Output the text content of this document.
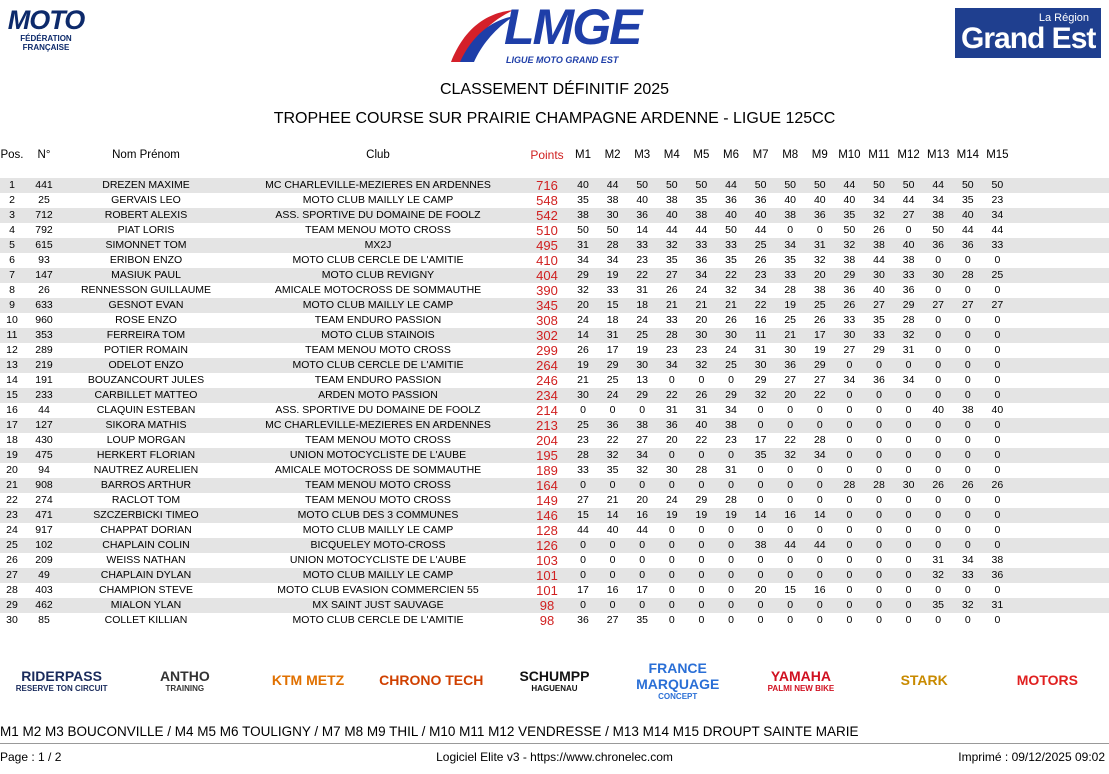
MOTO
FÉDÉRATION FRANÇAISE	LMGE
LIGUE MOTO GRAND EST
La Région
Grand Est
CLASSEMENT DÉFINITIF 2025
TROPHEE COURSE SUR PRAIRIE CHAMPAGNE ARDENNE - LIGUE 125CC
Pos.	N°	Nom Prénom	Club	Points M1	M2	M3	M4	M5	M6	M7	M8	M9 M10 M11 M12 M13 M14 M15
1	441	DREZEN MAXIME	MC CHARLEVILLE-MEZIERES EN ARDENNES	716	40	44	50	50	50	44	50	50	50	44	50	50	44	50	50
2	25	GERVAIS LEO	MOTO CLUB MAILLY LE CAMP	548	35	38	40	38	35	36	36	40	40	40	34	44	34	35	23
3	712	ROBERT ALEXIS	ASS. SPORTIVE DU DOMAINE DE FOOLZ	542	38	30	36	40	38	40	40	38	36	35	32	27	38	40	34
4	792	PIAT LORIS	TEAM MENOU MOTO CROSS	510	50	50	14	44	44	50	44	0	0	50	26	0	50	44	44
5	615	SIMONNET TOM	MX2J	495	31	28	33	32	33	33	25	34	31	32	38	40	36	36	33
6	93	ERIBON ENZO	MOTO CLUB CERCLE DE L'AMITIE	410	34	34	23	35	36	35	26	35	32	38	44	38	0	0	0
7	147	MASIUK PAUL	MOTO CLUB REVIGNY	404	29	19	22	27	34	22	23	33	20	29	30	33	30	28	25
8	26	RENNESSON GUILLAUME	AMICALE MOTOCROSS DE SOMMAUTHE	390	32	33	31	26	24	32	34	28	38	36	40	36	0	0	0
9	633	GESNOT EVAN	MOTO CLUB MAILLY LE CAMP	345	20	15	18	21	21	21	22	19	25	26	27	29	27	27	27
10	960	ROSE ENZO	TEAM ENDURO PASSION	308	24	18	24	33	20	26	16	25	26	33	35	28	0	0	0
11	353	FERREIRA TOM	MOTO CLUB STAINOIS	302	14	31	25	28	30	30	11	21	17	30	33	32	0	0	0
12	289	POTIER ROMAIN	TEAM MENOU MOTO CROSS	299	26	17	19	23	23	24	31	30	19	27	29	31	0	0	0
13	219	ODELOT ENZO	MOTO CLUB CERCLE DE L'AMITIE	264	19	29	30	34	32	25	30	36	29	0	0	0	0	0	0
14	191	BOUZANCOURT JULES	TEAM ENDURO PASSION	246	21	25	13	0	0	0	29	27	27	34	36	34	0	0	0
15	233	CARBILLET MATTEO	ARDEN MOTO PASSION	234	30	24	29	22	26	29	32	20	22	0	0	0	0	0	0
16	44	CLAQUIN ESTEBAN	ASS. SPORTIVE DU DOMAINE DE FOOLZ	214	0	0	0	31	31	34	0	0	0	0	0	0	40	38	40
17	127	SIKORA MATHIS	MC CHARLEVILLE-MEZIERES EN ARDENNES	213	25	36	38	36	40	38	0	0	0	0	0	0	0	0	0
18	430	LOUP MORGAN	TEAM MENOU MOTO CROSS	204	23	22	27	20	22	23	17	22	28	0	0	0	0	0	0
19	475	HERKERT FLORIAN	UNION MOTOCYCLISTE DE L'AUBE	195	28	32	34	0	0	0	35	32	34	0	0	0	0	0	0
20	94	NAUTREZ AURELIEN	AMICALE MOTOCROSS DE SOMMAUTHE	189	33	35	32	30	28	31	0	0	0	0	0	0	0	0	0
21	908	BARROS ARTHUR	TEAM MENOU MOTO CROSS	164	0	0	0	0	0	0	0	0	0	28	28	30	26	26	26
22	274	RACLOT TOM	TEAM MENOU MOTO CROSS	149	27	21	20	24	29	28	0	0	0	0	0	0	0	0	0
23	471	SZCZERBICKI TIMEO	MOTO CLUB DES 3 COMMUNES	146	15	14	16	19	19	19	14	16	14	0	0	0	0	0	0
24	917	CHAPPAT DORIAN	MOTO CLUB MAILLY LE CAMP	128	44	40	44	0	0	0	0	0	0	0	0	0	0	0	0
25	102	CHAPLAIN COLIN	BICQUELEY MOTO-CROSS	126	0	0	0	0	0	0	38	44	44	0	0	0	0	0	0
26	209	WEISS NATHAN	UNION MOTOCYCLISTE DE L'AUBE	103	0	0	0	0	0	0	0	0	0	0	0	0	31	34	38
27	49	CHAPLAIN DYLAN	MOTO CLUB MAILLY LE CAMP	101	0	0	0	0	0	0	0	0	0	0	0	0	32	33	36
28	403	CHAMPION STEVE	MOTO CLUB EVASION COMMERCIEN 55	101	17	16	17	0	0	0	20	15	16	0	0	0	0	0	0
29	462	MIALON YLAN	MX SAINT JUST SAUVAGE	98	0	0	0	0	0	0	0	0	0	0	0	0	35	32	31
30	85	COLLET KILLIAN	MOTO CLUB CERCLE DE L'AMITIE	98	36	27	35	0	0	0	0	0	0	0	0	0	0	0	0
RIDERPASS
RESERVE TON CIRCUIT
ANTHO
TRAINING	KTM METZ CHRONO TECH	SCHUMPP
HAGUENAU
FRANCE MARQUAGE
CONCEPT
YAMAHA
PALMI NEW BIKE	STARK	MOTORS
M1 M2 M3 BOUCONVILLE / M4 M5 M6 TOULIGNY / M7 M8 M9 THIL / M10 M11 M12 VENDRESSE / M13 M14 M15 DROUPT SAINTE MARIE
Page : 1 / 2	Logiciel Elite v3 - https://www.chronelec.com	Imprimé : 09/12/2025 09:02
